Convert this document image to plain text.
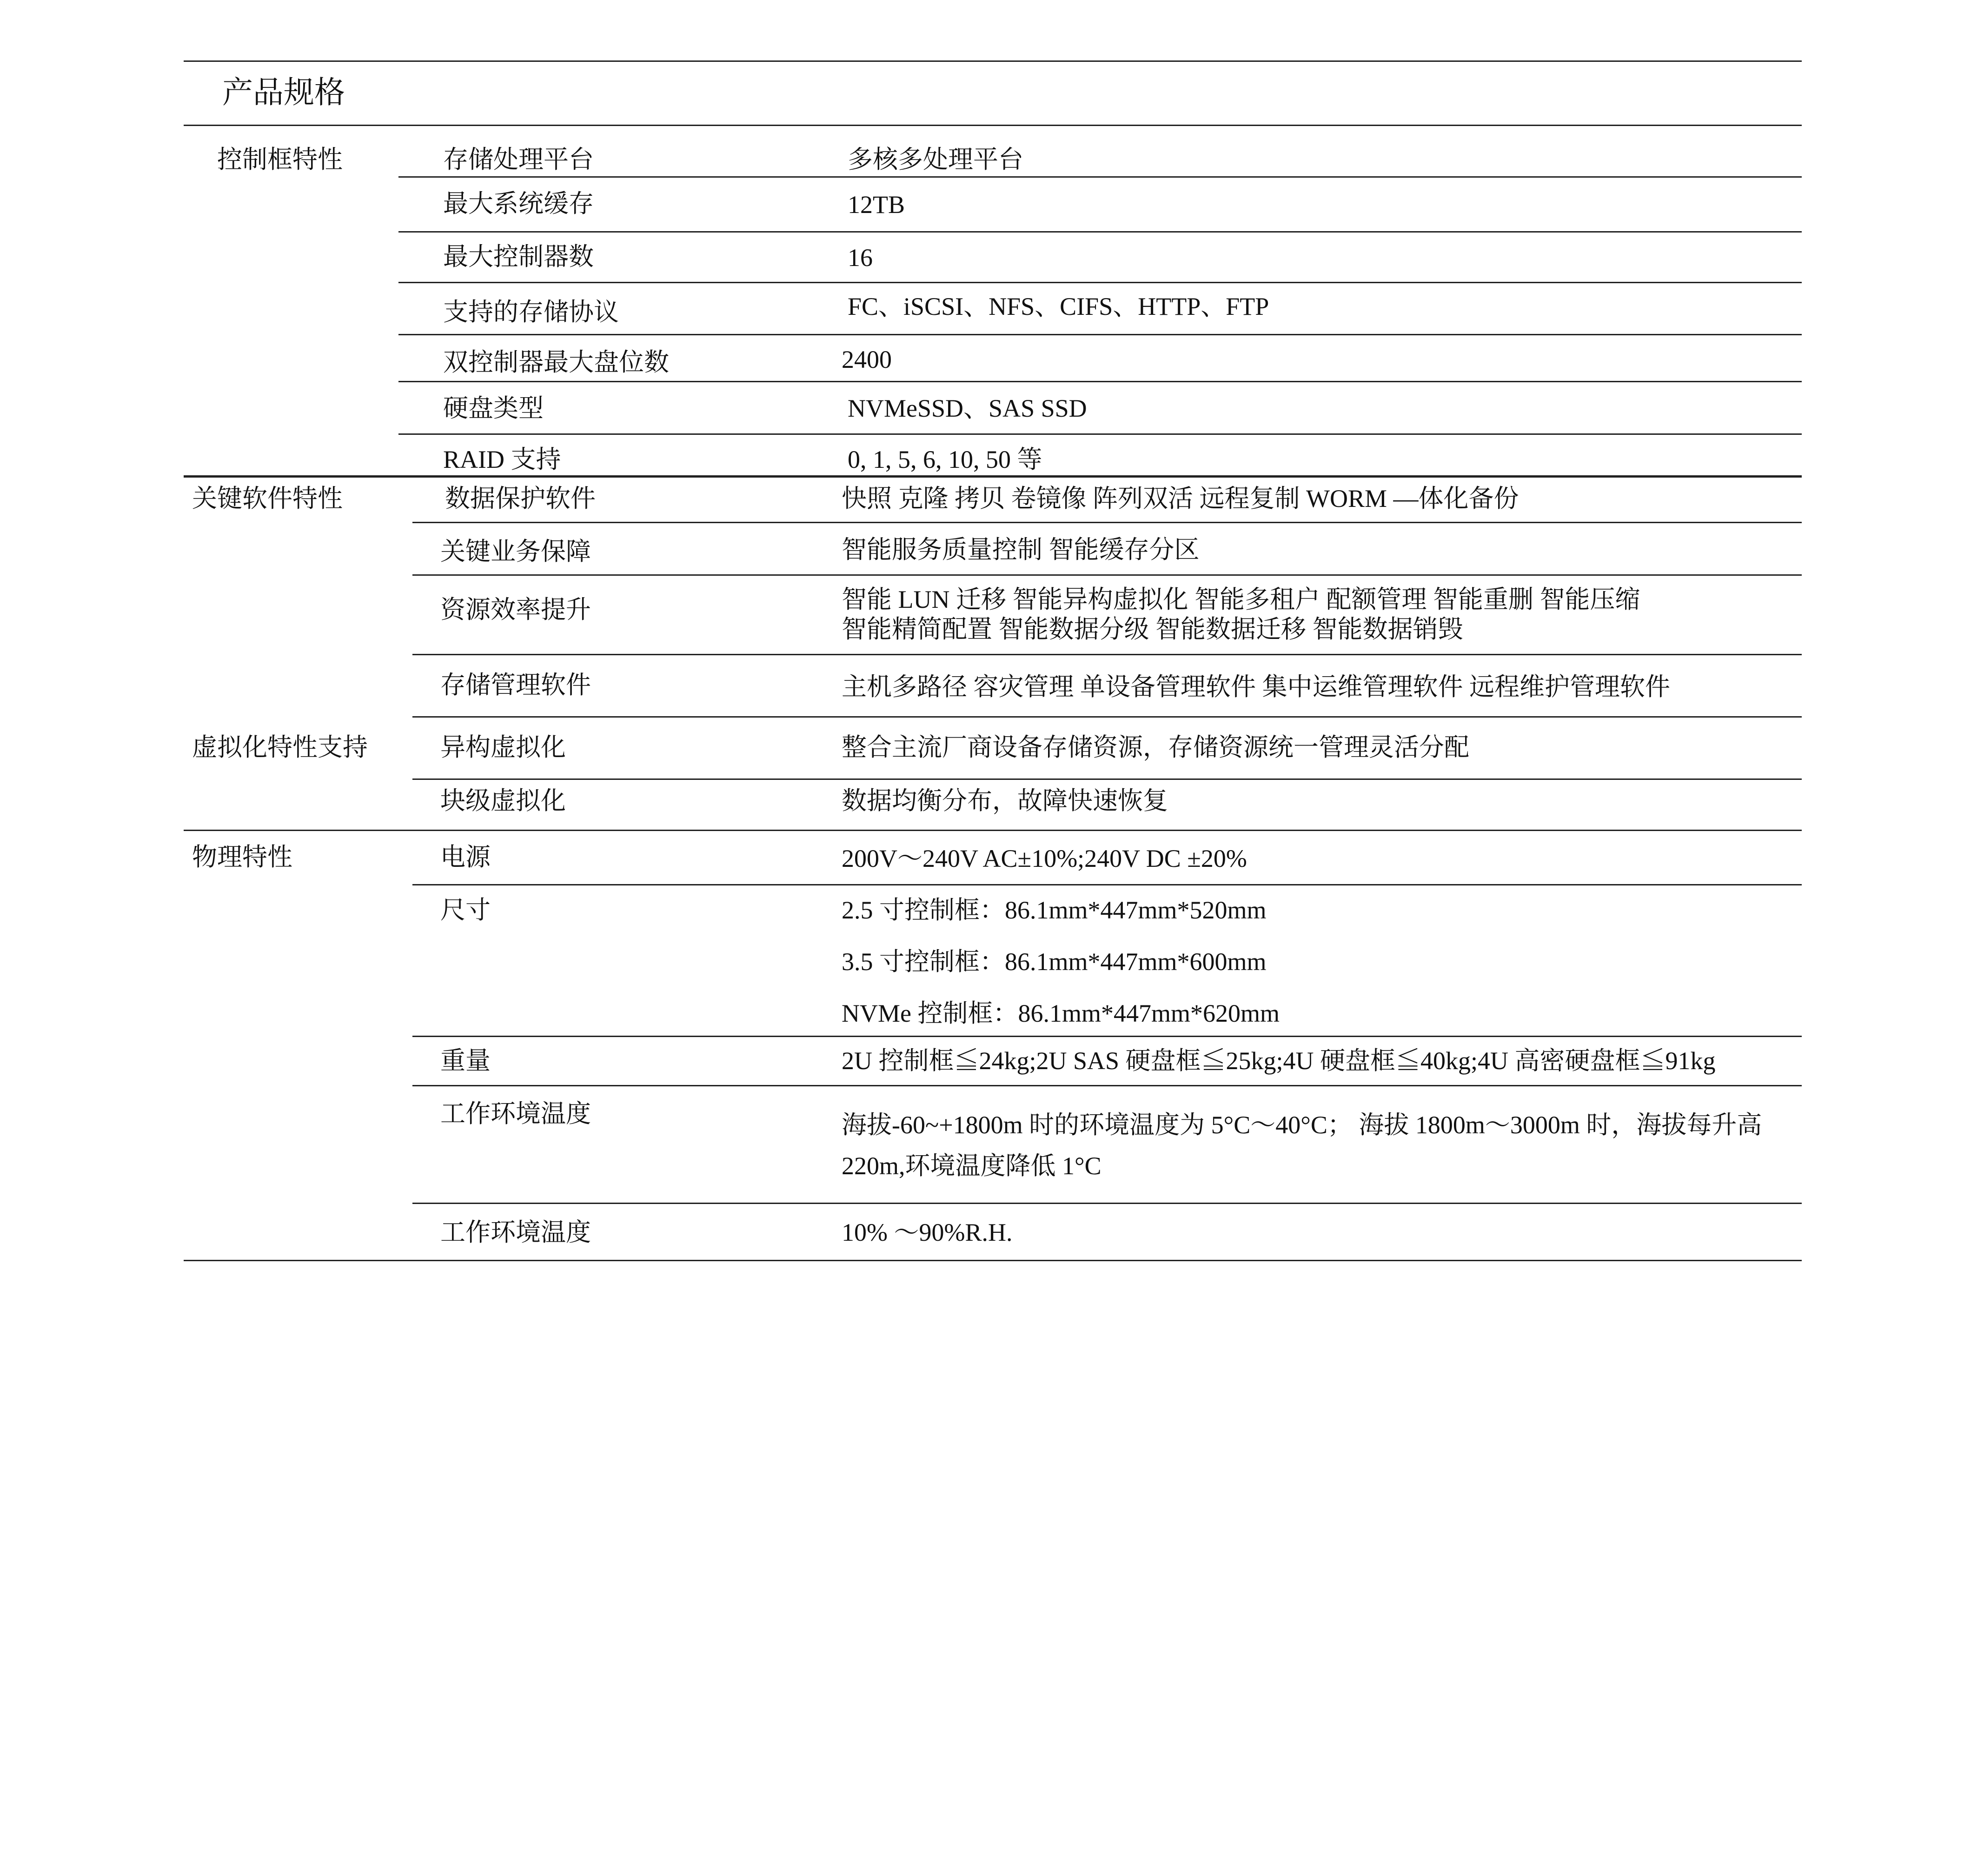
产品规格
控制框特性	存储处理平台	多核多处理平台
最大系统缓存	12TB
最大控制器数	16
支持的存储协议	FC、iSCSI、NFS、CIFS、HTTP、FTP
双控制器最大盘位数	2400
硬盘类型	NVMeSSD、SAS SSD
RAID 支持	0, 1, 5, 6, 10, 50 等
关键软件特性	数据保护软件	快照 克隆 拷贝 卷镜像 阵列双活 远程复制 WORM —体化备份
关键业务保障	智能服务质量控制 智能缓存分区
资源效率提升	智能 LUN 迁移 智能异构虚拟化 智能多租户 配额管理 智能重删 智能压缩
智能精简配置 智能数据分级 智能数据迁移 智能数据销毁
存储管理软件	主机多路径 容灾管理 单设备管理软件 集中运维管理软件 远程维护管理软件
虚拟化特性支持	异构虚拟化	整合主流厂商设备存储资源，存储资源统一管理灵活分配
块级虚拟化	数据均衡分布，故障快速恢复
物理特性	电源	200V～240V AC±10%;240V DC ±20%
尺寸	2.5 寸控制框：86.1mm*447mm*520mm
3.5 寸控制框：86.1mm*447mm*600mm
NVMe 控制框：86.1mm*447mm*620mm
重量	2U 控制框≦24kg;2U SAS 硬盘框≦25kg;4U 硬盘框≦40kg;4U 高密硬盘框≦91kg
工作环境温度	海拔-60~+1800m 时的环境温度为 5°C～40°C； 海拔 1800m～3000m 时，海拔每升高
220m,环境温度降低 1°C
工作环境温度	10% ～90%R.H.
